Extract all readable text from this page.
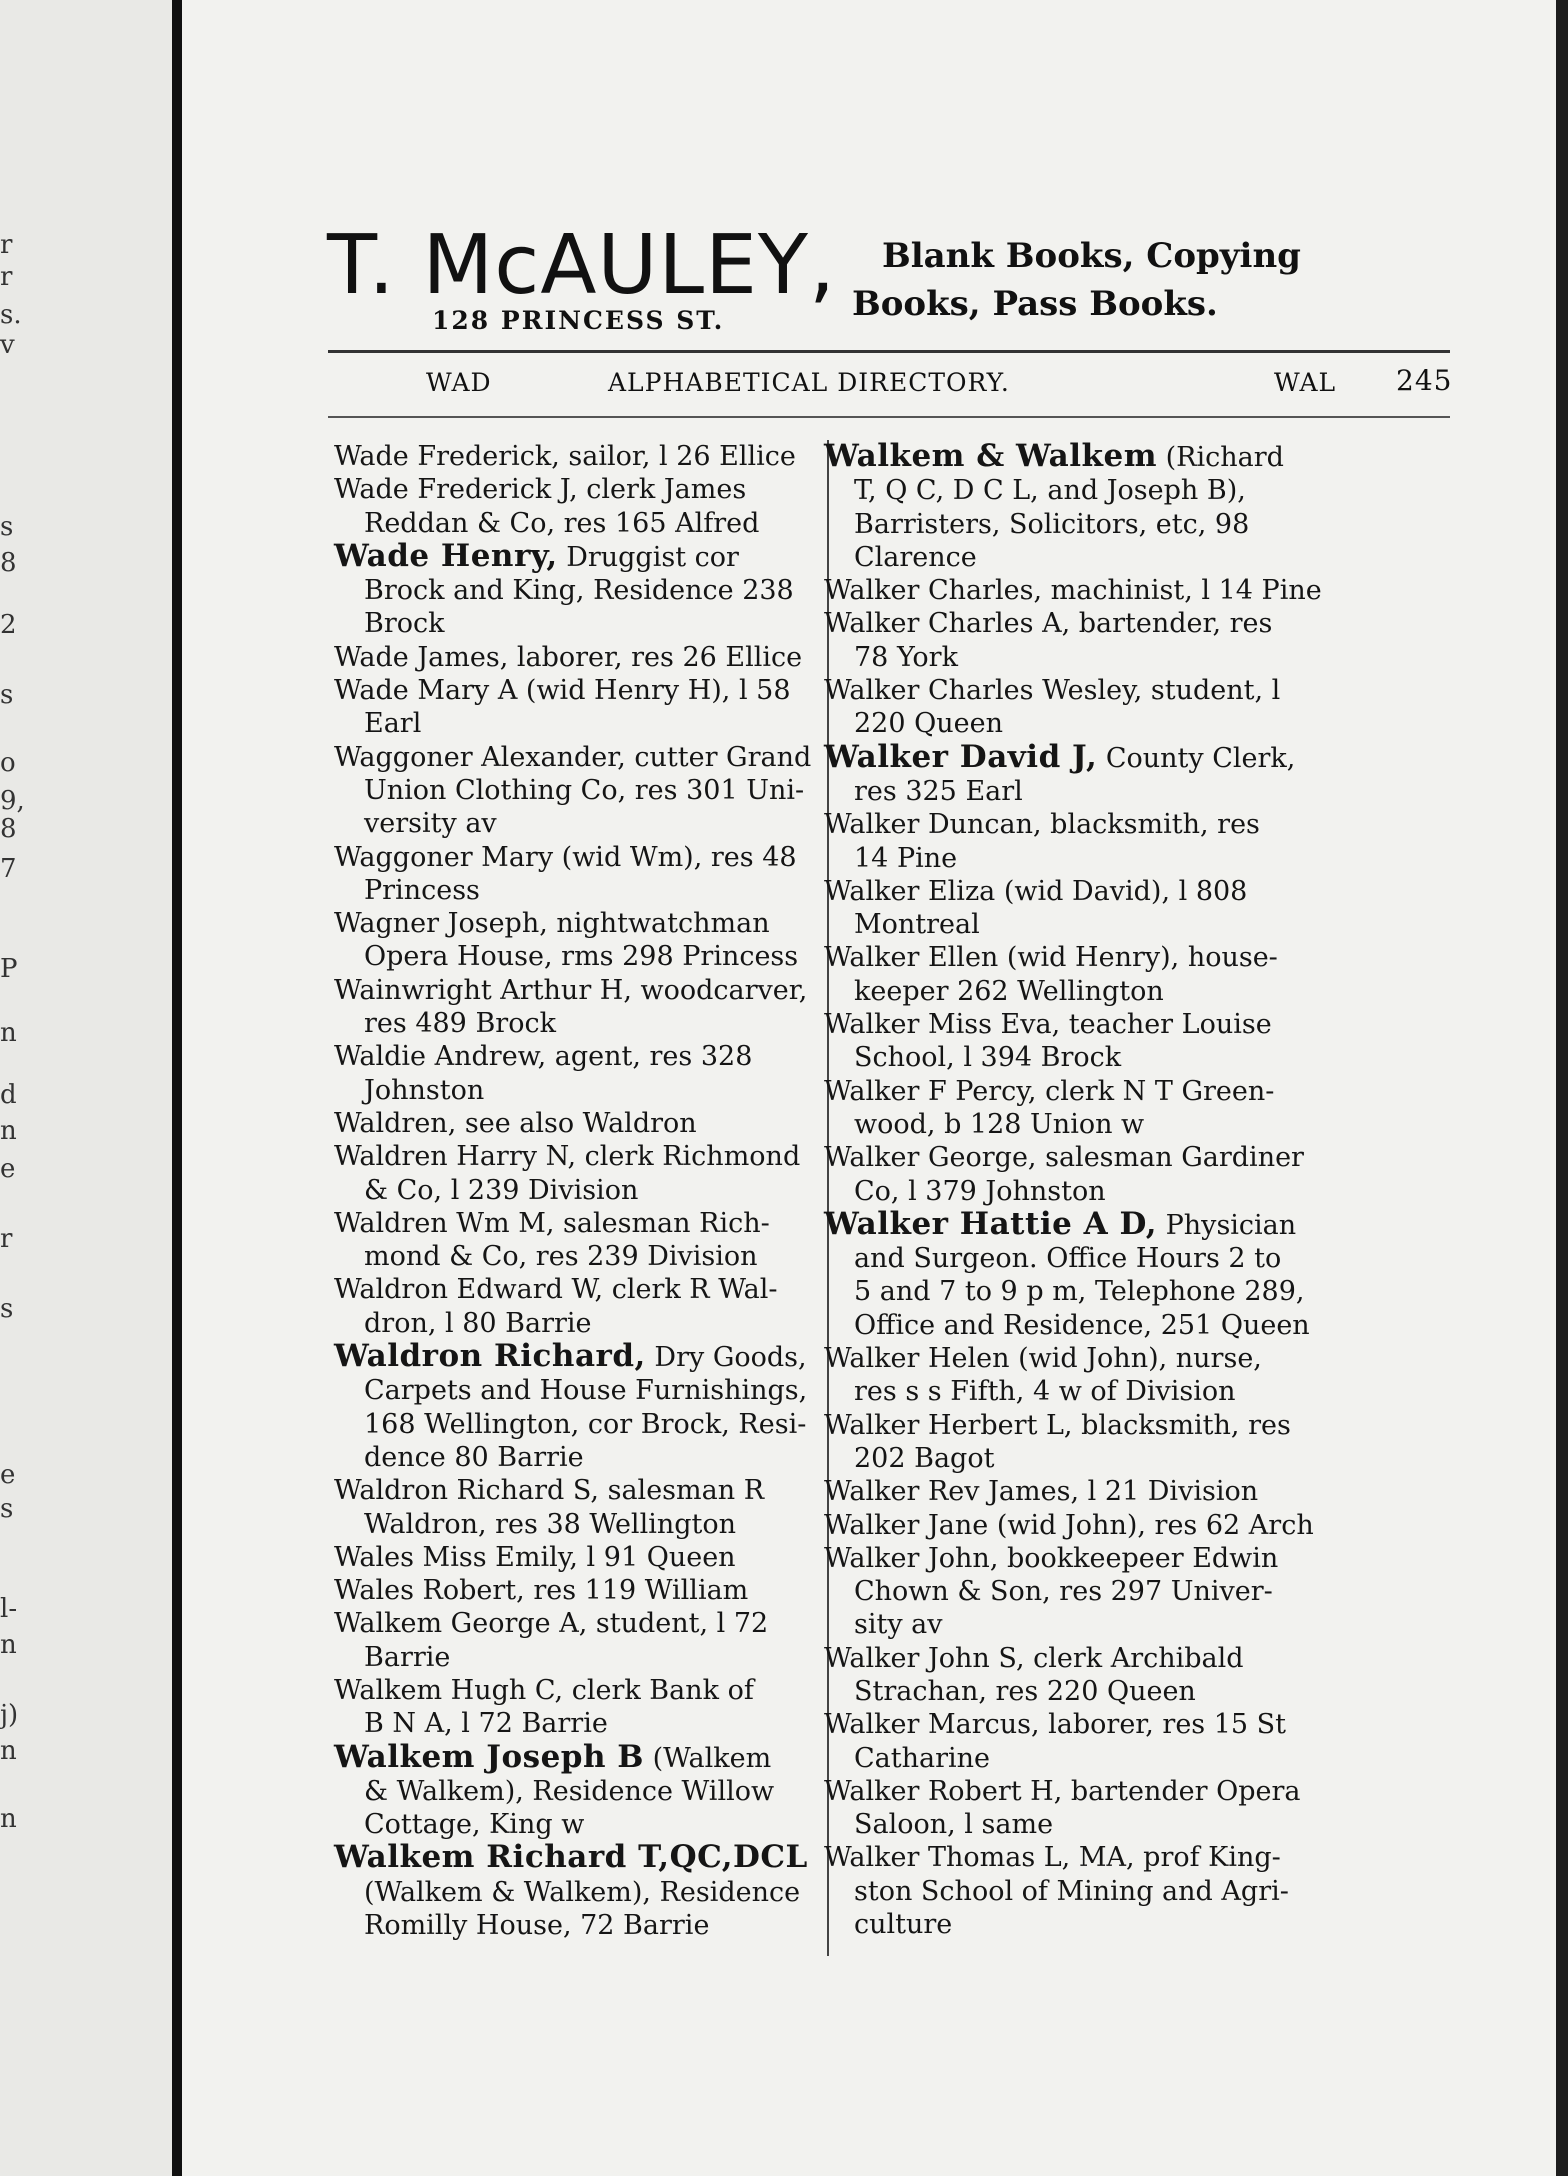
r
r
s.
v
s
8
2
s
o
9,
8
7
P
n
d
n
e
r
s
e
s
l-
n
j)
n
n
T. McAULEY,
128 PRINCESS ST.
Blank Books, Copying
Books, Pass Books.
WAD	ALPHABETICAL DIRECTORY.	WAL 245
Wade Frederick, sailor, l 26 Ellice
Wade Frederick J, clerk James
Reddan & Co, res 165 Alfred
Wade Henry, Druggist cor
Brock and King, Residence 238
Brock
Wade James, laborer, res 26 Ellice
Wade Mary A (wid Henry H), l 58
Earl
Waggoner Alexander, cutter Grand
Union Clothing Co, res 301 Uni-
versity av
Waggoner Mary (wid Wm), res 48
Princess
Wagner Joseph, nightwatchman
Opera House, rms 298 Princess
Wainwright Arthur H, woodcarver,
res 489 Brock
Waldie Andrew, agent, res 328
Johnston
Waldren, see also Waldron
Waldren Harry N, clerk Richmond
& Co, l 239 Division
Waldren Wm M, salesman Rich-
mond & Co, res 239 Division
Waldron Edward W, clerk R Wal-
dron, l 80 Barrie
Waldron Richard, Dry Goods,
Carpets and House Furnishings,
168 Wellington, cor Brock, Resi-
dence 80 Barrie
Waldron Richard S, salesman R
Waldron, res 38 Wellington
Wales Miss Emily, l 91 Queen
Wales Robert, res 119 William
Walkem George A, student, l 72
Barrie
Walkem Hugh C, clerk Bank of
B N A, l 72 Barrie
Walkem Joseph B (Walkem
& Walkem), Residence Willow
Cottage, King w
Walkem Richard T,QC,DCL
(Walkem & Walkem), Residence
Romilly House, 72 Barrie
Walkem & Walkem (Richard
T, Q C, D C L, and Joseph B),
Barristers, Solicitors, etc, 98
Clarence
Walker Charles, machinist, l 14 Pine
Walker Charles A, bartender, res
78 York
Walker Charles Wesley, student, l
220 Queen
Walker David J, County Clerk,
res 325 Earl
Walker Duncan, blacksmith, res
14 Pine
Walker Eliza (wid David), l 808
Montreal
Walker Ellen (wid Henry), house-
keeper 262 Wellington
Walker Miss Eva, teacher Louise
School, l 394 Brock
Walker F Percy, clerk N T Green-
wood, b 128 Union w
Walker George, salesman Gardiner
Co, l 379 Johnston
Walker Hattie A D, Physician
and Surgeon. Office Hours 2 to
5 and 7 to 9 p m, Telephone 289,
Office and Residence, 251 Queen
Walker Helen (wid John), nurse,
res s s Fifth, 4 w of Division
Walker Herbert L, blacksmith, res
202 Bagot
Walker Rev James, l 21 Division
Walker Jane (wid John), res 62 Arch
Walker John, bookkeepeer Edwin
Chown & Son, res 297 Univer-
sity av
Walker John S, clerk Archibald
Strachan, res 220 Queen
Walker Marcus, laborer, res 15 St
Catharine
Walker Robert H, bartender Opera
Saloon, l same
Walker Thomas L, MA, prof King-
ston School of Mining and Agri-
culture
